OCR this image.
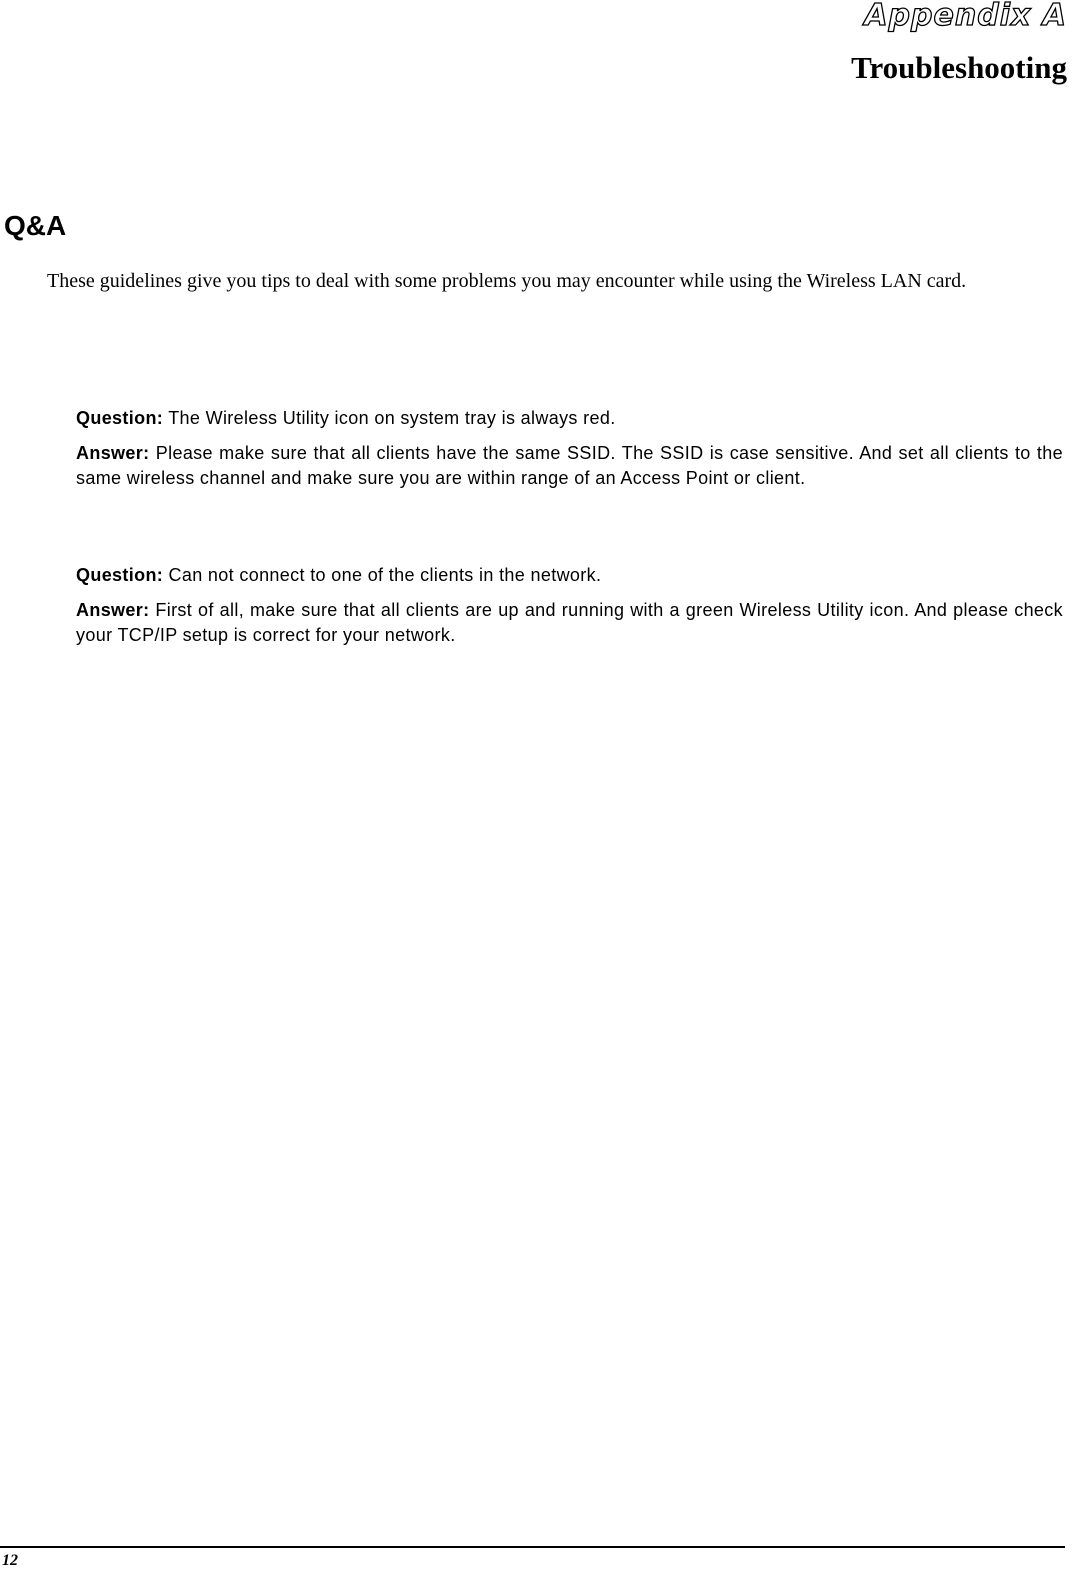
Appendix A
Troubleshooting
Q&A

These guidelines give you tips to deal with some problems you may encounter while using the Wireless LAN card.

Question: The Wireless Utility icon on system tray is always red.

Answer: Please make sure that all clients have the same SSID. The SSID is case sensitive. And set all clients to the same wireless channel and make sure you are within range of an Access Point or client.

Question: Can not connect to one of the clients in the network.

Answer: First of all, make sure that all clients are up and running with a green Wireless Utility icon. And please check your TCP/IP setup is correct for your network.

12
